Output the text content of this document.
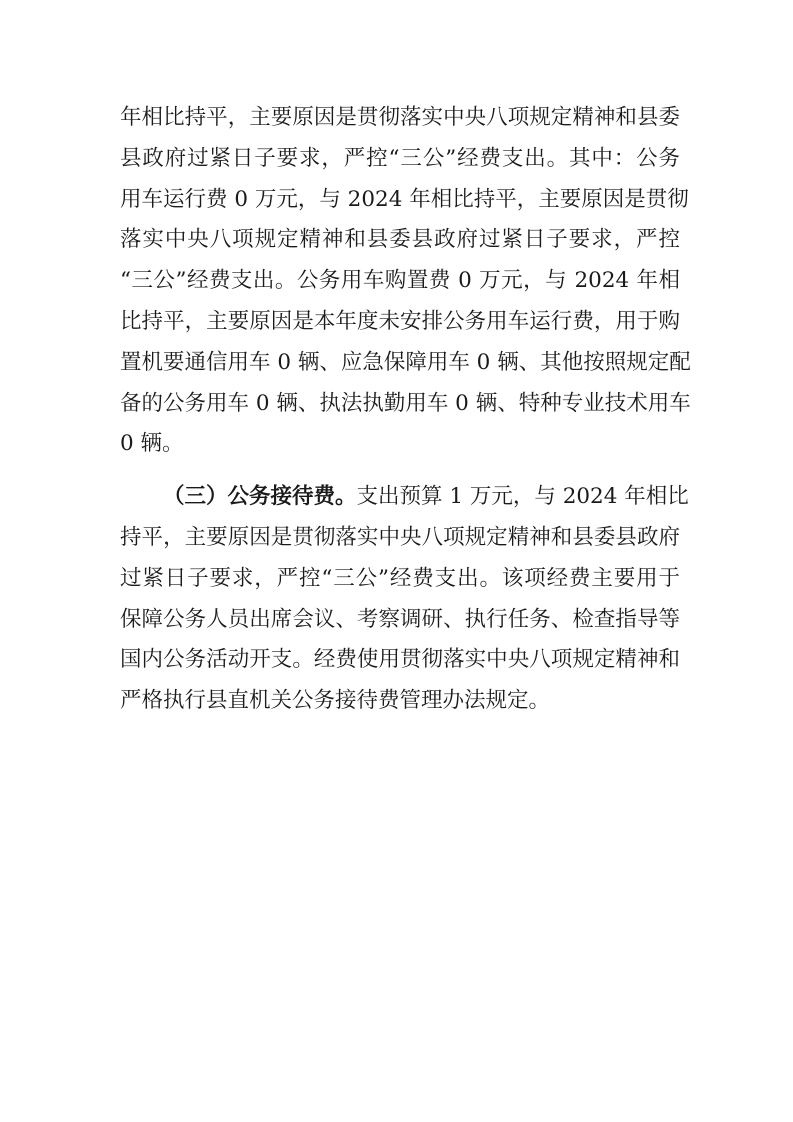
年相比持平，主要原因是贯彻落实中央八项规定精神和县委
县政府过紧日子要求，严控“三公”经费支出。其中：公务
用车运行费 0 万元，与 2024 年相比持平，主要原因是贯彻
落实中央八项规定精神和县委县政府过紧日子要求，严控
“三公”经费支出。公务用车购置费 0 万元，与 2024 年相
比持平，主要原因是本年度未安排公务用车运行费，用于购
置机要通信用车 0 辆、应急保障用车 0 辆、其他按照规定配
备的公务用车 0 辆、执法执勤用车 0 辆、特种专业技术用车
0 辆。
（三）公务接待费。支出预算 1 万元，与 2024 年相比
持平，主要原因是贯彻落实中央八项规定精神和县委县政府
过紧日子要求，严控“三公”经费支出。该项经费主要用于
保障公务人员出席会议、考察调研、执行任务、检查指导等
国内公务活动开支。经费使用贯彻落实中央八项规定精神和
严格执行县直机关公务接待费管理办法规定。
